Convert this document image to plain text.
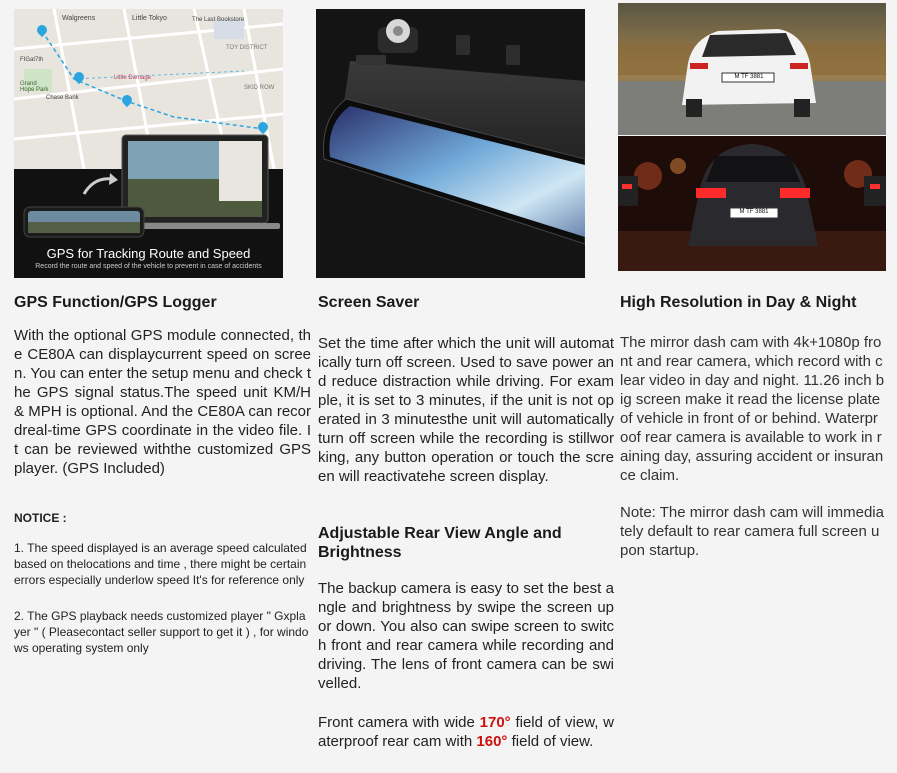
Walgreens	Little Tokyo	The Last Bookstore
TOY DISTRICT
SKID ROW
Grand Hope Park
Chase Bank
Little Damage
FIGat7th
GPS for Tracking Route and Speed
Record the route and speed of the vehicle to prevent in case of accidents
M TF 3881
M TF 3881
GPS Function/GPS Logger

With the optional GPS module connected, the CE80A can displaycurrent speed on screen. You can enter the setup menu and check the GPS signal status.The speed unit KM/H & MPH is optional. And the CE80A can recordreal-time GPS coordinate in the video file. It can be reviewed withthe customized GPS player. (GPS Included)

NOTICE :

1. The speed displayed is an average speed calculated based on thelocations and time , there might be certain errors especially underlow speed It's for reference only

2. The GPS playback needs customized player " Gxplayer " ( Pleasecontact seller support to get it ) , for windows operating system only

Screen Saver

Set the time after which the unit will automatically turn off screen. Used to save power and reduce distraction while driving. For example, it is set to 3 minutes, if the unit is not operated in 3 minutesthe unit will automatically turn off screen while the recording is stillworking, any button operation or touch the screen will reactivatehe screen display.

Adjustable Rear View Angle and Brightness

The backup camera is easy to set the best angle and brightness by swipe the screen up or down. You also can swipe screen to switch front and rear camera while recording and driving. The lens of front camera can be swivelled.

Front camera with wide 170° field of view, waterproof rear cam with 160° field of view.

High Resolution in Day & Night

The mirror dash cam with 4k+1080p front and rear camera, which record with clear video in day and night. 11.26 inch big screen make it read the license plate of vehicle in front of or behind. Waterproof rear camera is available to work in raining day, assuring accident or insurance claim.

Note: The mirror dash cam will immediately default to rear camera full screen upon startup.
